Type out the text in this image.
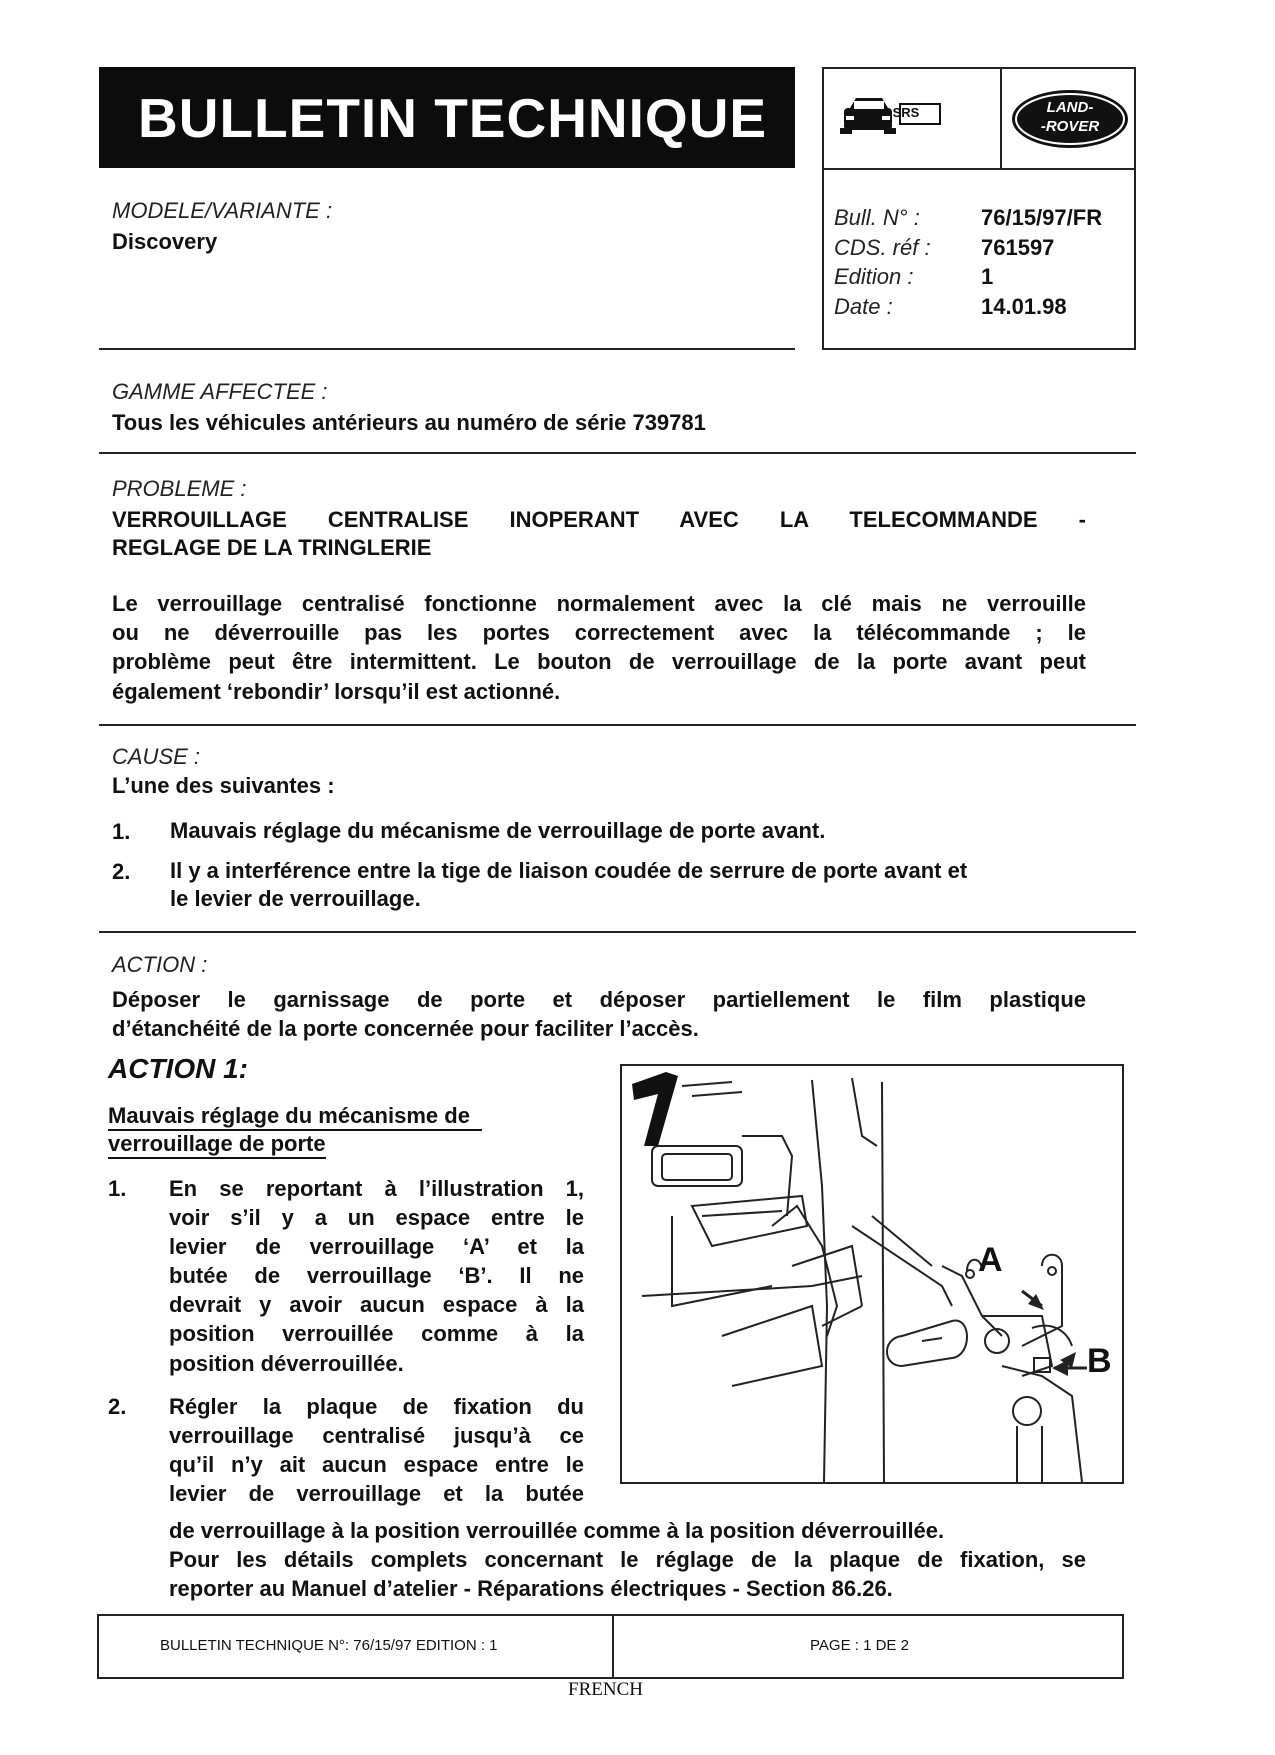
BULLETIN TECHNIQUE	SRS	LAND-
-ROVER
MODELE/VARIANTE :
Discovery
Bull. N° :	76/15/97/FR
CDS. réf : 761597
Edition :	1
Date :	14.01.98
GAMME AFFECTEE :
Tous les véhicules antérieurs au numéro de série 739781
PROBLEME :
VERROUILLAGE CENTRALISE INOPERANT AVEC LA TELECOMMANDE -
REGLAGE DE LA TRINGLERIE
Le verrouillage centralisé fonctionne normalement avec la clé mais ne verrouille
ou ne déverrouille pas les portes correctement avec la télécommande ; le
problème peut être intermittent. Le bouton de verrouillage de la porte avant peut
également ‘rebondir’ lorsqu’il est actionné.
CAUSE :
L’une des suivantes :
1. Mauvais réglage du mécanisme de verrouillage de porte avant.
2. Il y a interférence entre la tige de liaison coudée de serrure de porte avant et
le levier de verrouillage.
ACTION :
Déposer le garnissage de porte et déposer partiellement le film plastique
d’étanchéité de la porte concernée pour faciliter l’accès.
ACTION 1:
Mauvais réglage du mécanisme de
verrouillage de porte
1. En se reportant à l’illustration 1,
voir s’il y a un espace entre le
levier de verrouillage ‘A’ et la
butée de verrouillage ‘B’. Il ne
devrait y avoir aucun espace à la
position verrouillée comme à la
position déverrouillée.
2. Régler la plaque de fixation du
verrouillage centralisé jusqu’à ce
qu’il n’y ait aucun espace entre le
levier de verrouillage et la butée
de verrouillage à la position verrouillée comme à la position déverrouillée.
Pour les détails complets concernant le réglage de la plaque de fixation, se
reporter au Manuel d’atelier - Réparations électriques - Section 86.26.
A
B
BULLETIN TECHNIQUE N°: 76/15/97 EDITION : 1	PAGE : 1 DE 2
FRENCH
